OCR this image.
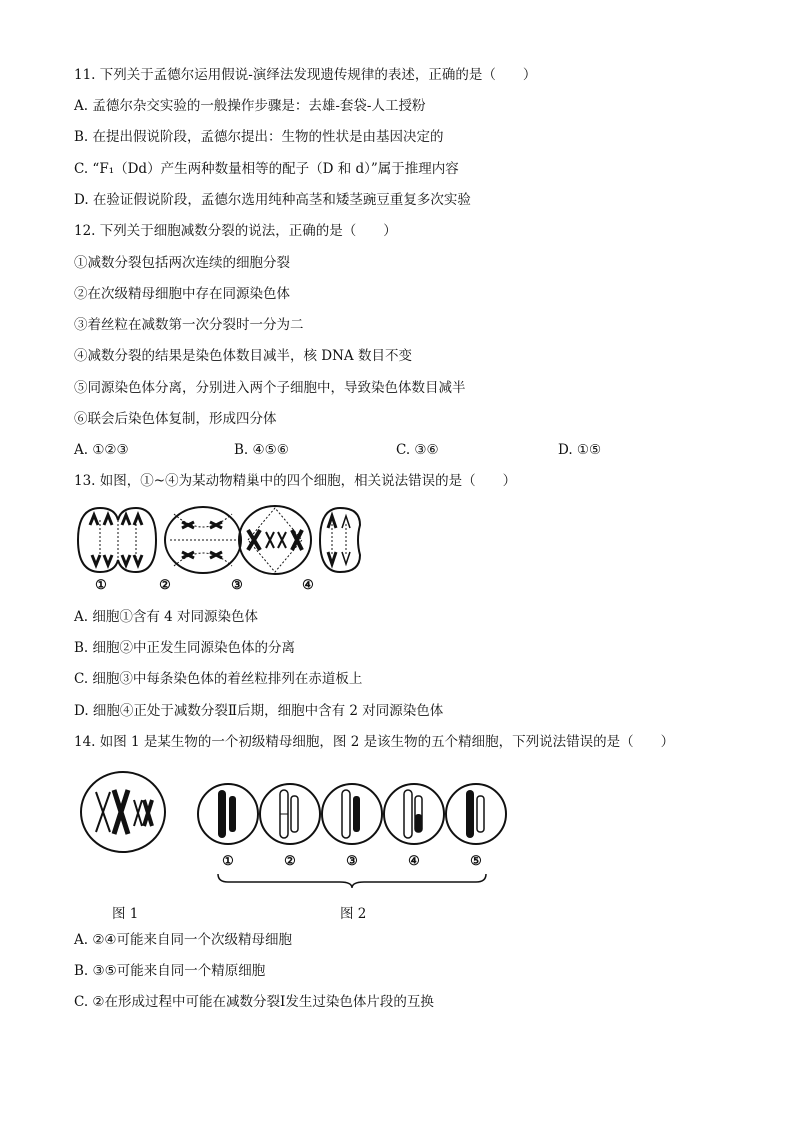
11. 下列关于孟德尔运用假说-演绎法发现遗传规律的表述，正确的是（　　）
A. 孟德尔杂交实验的一般操作步骤是：去雄-套袋-人工授粉
B. 在提出假说阶段，孟德尔提出：生物的性状是由基因决定的
C. “F₁（Dd）产生两种数量相等的配子（D 和 d）”属于推理内容
D. 在验证假说阶段，孟德尔选用纯种高茎和矮茎豌豆重复多次实验
12. 下列关于细胞减数分裂的说法，正确的是（　　）
①减数分裂包括两次连续的细胞分裂
②在次级精母细胞中存在同源染色体
③着丝粒在减数第一次分裂时一分为二
④减数分裂的结果是染色体数目减半，核 DNA 数目不变
⑤同源染色体分离，分别进入两个子细胞中，导致染色体数目减半
⑥联会后染色体复制，形成四分体
A. ①②③	B. ④⑤⑥	C. ③⑥	D. ①⑤
13. 如图，①~④为某动物精巢中的四个细胞，相关说法错误的是（　　）
①	②	③	④
A. 细胞①含有 4 对同源染色体
B. 细胞②中正发生同源染色体的分离
C. 细胞③中每条染色体的着丝粒排列在赤道板上
D. 细胞④正处于减数分裂Ⅱ后期，细胞中含有 2 对同源染色体
14. 如图 1 是某生物的一个初级精母细胞，图 2 是该生物的五个精细胞，下列说法错误的是（　　）
①	②	③	④	⑤
图 1	图 2
A. ②④可能来自同一个次级精母细胞
B. ③⑤可能来自同一个精原细胞
C. ②在形成过程中可能在减数分裂Ⅰ发生过染色体片段的互换
